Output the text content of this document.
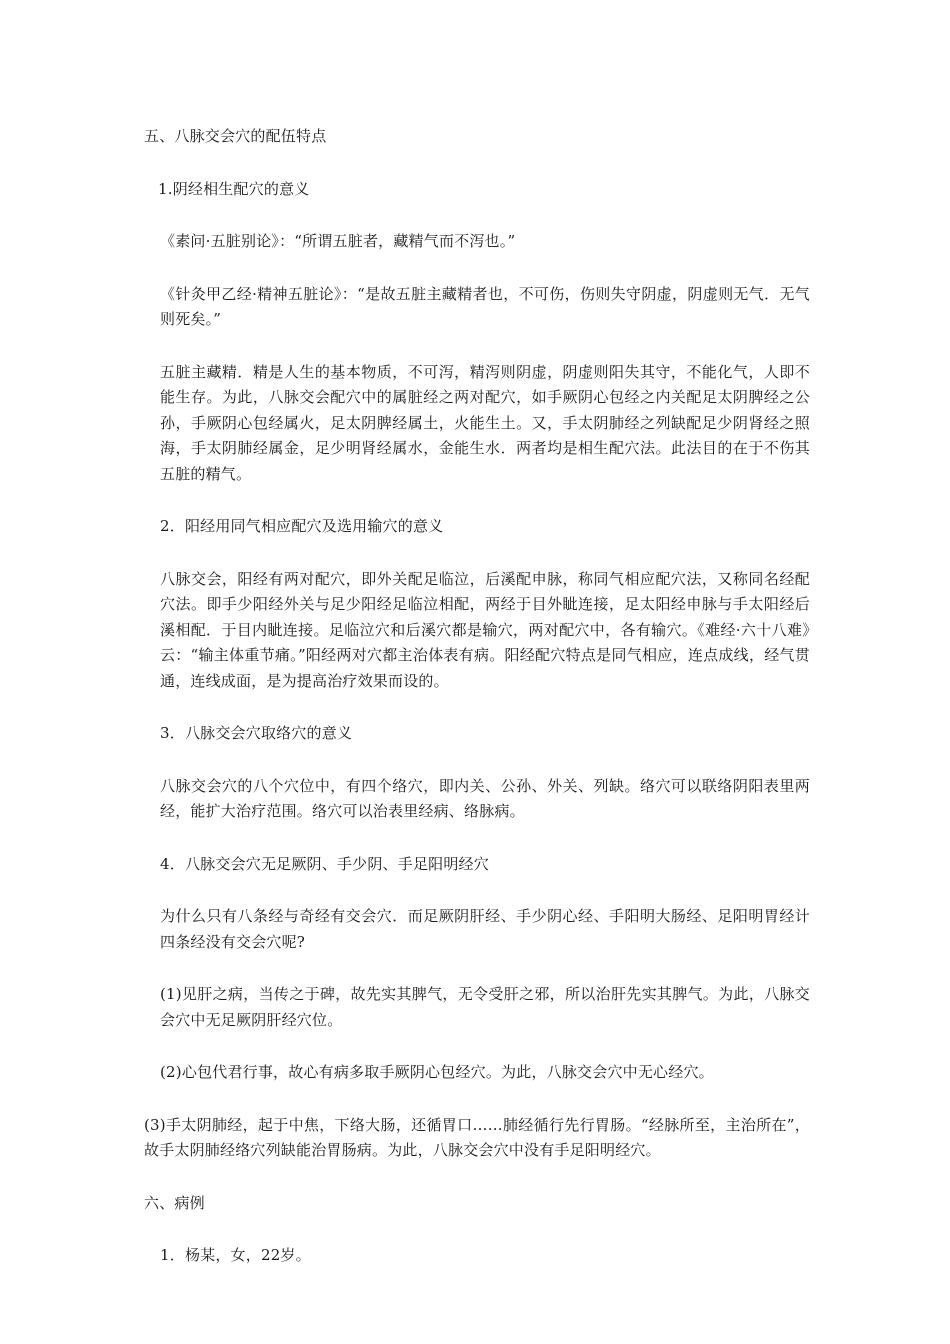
五、八脉交会穴的配伍特点

1.阴经相生配穴的意义

《素问·五脏别论》：“所谓五脏者，藏精气而不泻也。”

《针灸甲乙经·精神五脏论》：“是故五脏主藏精者也，不可伤，伤则失守阴虚，阴虚则无气．无气则死矣。”

五脏主藏精．精是人生的基本物质，不可泻，精泻则阴虚，阴虚则阳失其守，不能化气，人即不能生存。为此，八脉交会配穴中的属脏经之两对配穴，如手厥阴心包经之内关配足太阴脾经之公孙，手厥阴心包经属火，足太阴脾经属土，火能生土。又，手太阴肺经之列缺配足少阴肾经之照海，手太阴肺经属金，足少明肾经属水，金能生水．两者均是相生配穴法。此法目的在于不伤其五脏的精气。

2．阳经用同气相应配穴及选用输穴的意义

八脉交会，阳经有两对配穴，即外关配足临泣，后溪配申脉，称同气相应配穴法，又称同名经配穴法。即手少阳经外关与足少阳经足临泣相配，两经于目外眦连接，足太阳经申脉与手太阳经后溪相配．于目内眦连接。足临泣穴和后溪穴都是输穴，两对配穴中，各有输穴。《难经·六十八难》云：“输主体重节痛。”阳经两对穴都主治体表有病。阳经配穴特点是同气相应，连点成线，经气贯通，连线成面，是为提高治疗效果而设的。

3．八脉交会穴取络穴的意义

八脉交会穴的八个穴位中，有四个络穴，即内关、公孙、外关、列缺。络穴可以联络阴阳表里两经，能扩大治疗范围。络穴可以治表里经病、络脉病。

4．八脉交会穴无足厥阴、手少阴、手足阳明经穴

为什么只有八条经与奇经有交会穴．而足厥阴肝经、手少阴心经、手阳明大肠经、足阳明胃经计四条经没有交会穴呢?

(1)见肝之病，当传之于碑，故先实其脾气，无令受肝之邪，所以治肝先实其脾气。为此，八脉交会穴中无足厥阴肝经穴位。

(2)心包代君行事，故心有病多取手厥阴心包经穴。为此，八脉交会穴中无心经穴。

(3)手太阴肺经，起于中焦，下络大肠，还循胃口……肺经循行先行胃肠。“经脉所至，主治所在”，故手太阴肺经络穴列缺能治胃肠病。为此，八脉交会穴中没有手足阳明经穴。

六、病例

1．杨某，女，22岁。
